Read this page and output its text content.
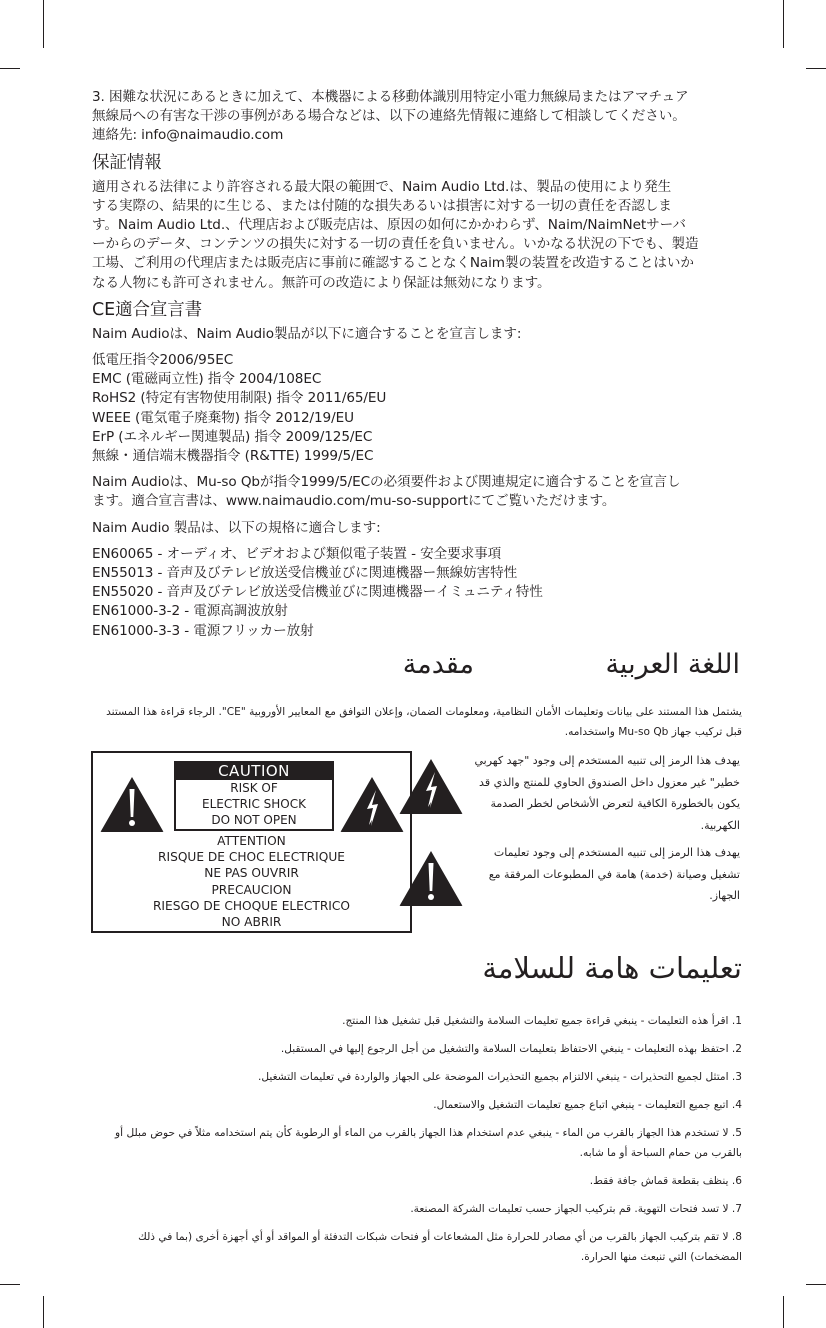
3. 困難な状況にあるときに加えて、本機器による移動体識別用特定小電力無線局またはアマチュア
無線局への有害な干渉の事例がある場合などは、以下の連絡先情報に連絡して相談してください。
連絡先: info@naimaudio.com
保証情報
適用される法律により許容される最大限の範囲で、Naim Audio Ltd.は、製品の使用により発生
する実際の、結果的に生じる、または付随的な損失あるいは損害に対する一切の責任を否認しま
す。Naim Audio Ltd.、代理店および販売店は、原因の如何にかかわらず、Naim/NaimNetサーバ
ーからのデータ、コンテンツの損失に対する一切の責任を負いません。いかなる状況の下でも、製造
工場、ご利用の代理店または販売店に事前に確認することなくNaim製の装置を改造することはいか
なる人物にも許可されません。無許可の改造により保証は無効になります。
CE適合宣言書

Naim Audioは、Naim Audio製品が以下に適合することを宣言します:

低電圧指令2006/95EC
EMC (電磁両立性) 指令 2004/108EC
RoHS2 (特定有害物使用制限) 指令 2011/65/EU
WEEE (電気電子廃棄物) 指令 2012/19/EU
ErP (エネルギー関連製品) 指令 2009/125/EC
無線・通信端末機器指令 (R&TTE) 1999/5/EC
Naim Audioは、Mu-so Qbが指令1999/5/ECの必須要件および関連規定に適合することを宣言し
ます。適合宣言書は、www.naimaudio.com/mu-so-supportにてご覧いただけます。

Naim Audio 製品は、以下の規格に適合します:

EN60065 - オーディオ、ビデオおよび類似電子装置 - 安全要求事項
EN55013 - 音声及びテレビ放送受信機並びに関連機器ー無線妨害特性
EN55020 - 音声及びテレビ放送受信機並びに関連機器ーイミュニティ特性
EN61000-3-2 - 電源高調波放射
EN61000-3-3 - 電源フリッカー放射
اللغة العربية
مقدمة

يشتمل هذا المستند على بيانات وتعليمات الأمان النظامية، ومعلومات الضمان، وإعلان التوافق مع المعايير الأوروبية "CE". الرجاء قراءة هذا المستند قبل تركيب جهاز Mu-so Qb واستخدامه.

CAUTION
RISK OF
ELECTRIC SHOCK
DO NOT OPEN
ATTENTION
RISQUE DE CHOC ELECTRIQUE
NE PAS OUVRIR
PRECAUCION
RIESGO DE CHOQUE ELECTRICO
NO ABRIR
يهدف هذا الرمز إلى تنبيه المستخدم إلى وجود "جهد كهربي خطير" غير معزول داخل الصندوق الحاوي للمنتج والذي قد يكون بالخطورة الكافية لتعرض الأشخاص لخطر الصدمة الكهربية.
يهدف هذا الرمز إلى تنبيه المستخدم إلى وجود تعليمات تشغيل وصيانة (خدمة) هامة في المطبوعات المرفقة مع الجهاز.
تعليمات هامة للسلامة
1. اقرأ هذه التعليمات - ينبغي قراءة جميع تعليمات السلامة والتشغيل قبل تشغيل هذا المنتج.
2. احتفظ بهذه التعليمات - ينبغي الاحتفاظ بتعليمات السلامة والتشغيل من أجل الرجوع إليها في المستقبل.
3. امتثل لجميع التحذيرات - ينبغي الالتزام بجميع التحذيرات الموضحة على الجهاز والواردة في تعليمات التشغيل.
4. اتبع جميع التعليمات - ينبغي اتباع جميع تعليمات التشغيل والاستعمال.
5. لا تستخدم هذا الجهاز بالقرب من الماء - ينبغي عدم استخدام هذا الجهاز بالقرب من الماء أو الرطوبة كأن يتم استخدامه مثلاً في حوض مبلل أو بالقرب من حمام السباحة أو ما شابه.
6. ينظف بقطعة قماش جافة فقط.
7. لا تسد فتحات التهوية. قم بتركيب الجهاز حسب تعليمات الشركة المصنعة.
8. لا تقم بتركيب الجهاز بالقرب من أي مصادر للحرارة مثل المشعاعات أو فتحات شبكات التدفئة أو المواقد أو أي أجهزة أخرى (بما في ذلك المضخمات) التي تنبعث منها الحرارة.
